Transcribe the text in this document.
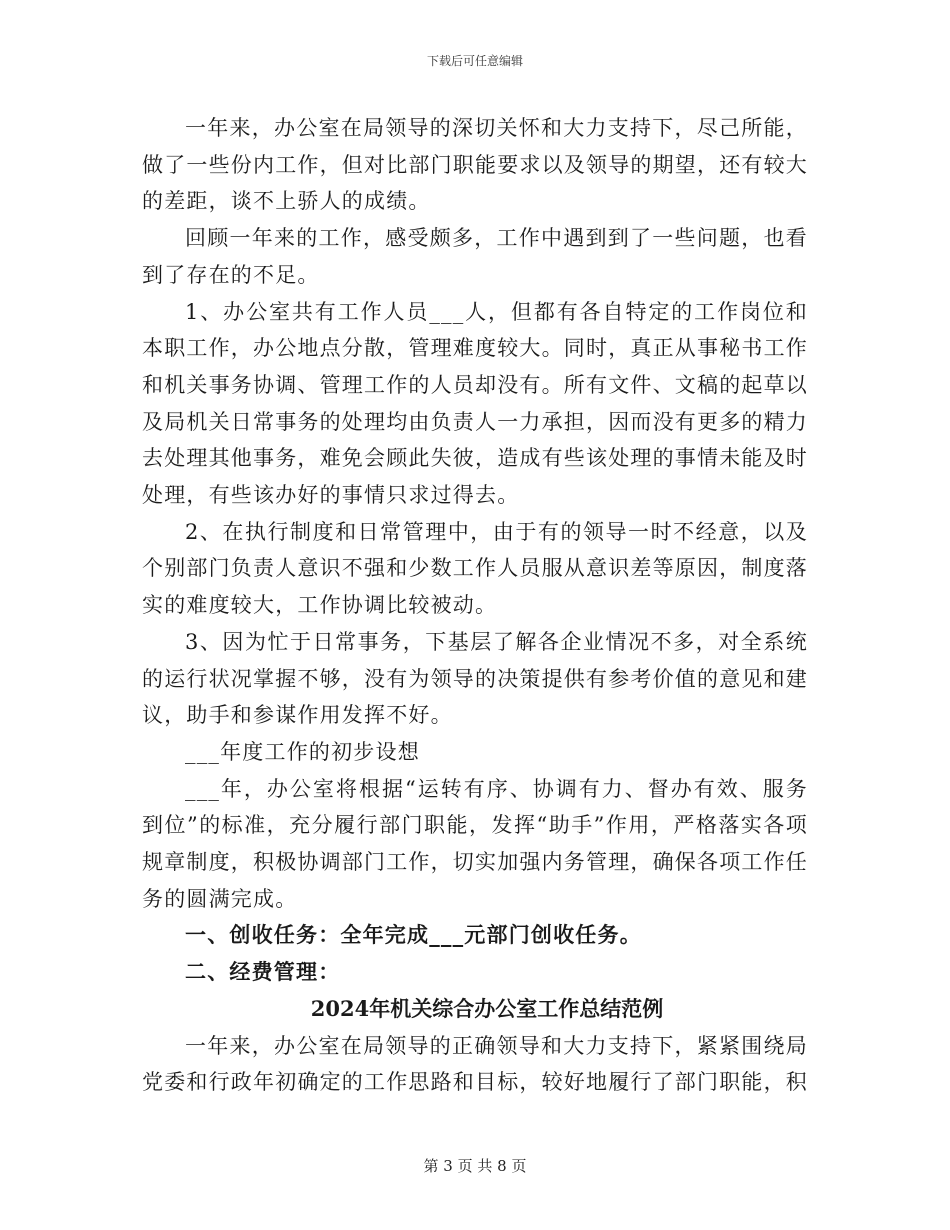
下载后可任意编辑

一年来，办公室在局领导的深切关怀和大力支持下，尽己所能，做了一些份内工作，但对比部门职能要求以及领导的期望，还有较大的差距，谈不上骄人的成绩。

回顾一年来的工作，感受颇多，工作中遇到到了一些问题，也看到了存在的不足。

1、办公室共有工作人员___人，但都有各自特定的工作岗位和本职工作，办公地点分散，管理难度较大。同时，真正从事秘书工作和机关事务协调、管理工作的人员却没有。所有文件、文稿的起草以及局机关日常事务的处理均由负责人一力承担，因而没有更多的精力去处理其他事务，难免会顾此失彼，造成有些该处理的事情未能及时处理，有些该办好的事情只求过得去。

2、在执行制度和日常管理中，由于有的领导一时不经意，以及个别部门负责人意识不强和少数工作人员服从意识差等原因，制度落实的难度较大，工作协调比较被动。

3、因为忙于日常事务，下基层了解各企业情况不多，对全系统的运行状况掌握不够，没有为领导的决策提供有参考价值的意见和建议，助手和参谋作用发挥不好。

___年度工作的初步设想

___年，办公室将根据“运转有序、协调有力、督办有效、服务到位”的标准，充分履行部门职能，发挥“助手”作用，严格落实各项规章制度，积极协调部门工作，切实加强内务管理，确保各项工作任务的圆满完成。

一、创收任务：全年完成___元部门创收任务。

二、经费管理：

2024年机关综合办公室工作总结范例

一年来，办公室在局领导的正确领导和大力支持下，紧紧围绕局党委和行政年初确定的工作思路和目标，较好地履行了部门职能，积

第 3 页 共 8 页
